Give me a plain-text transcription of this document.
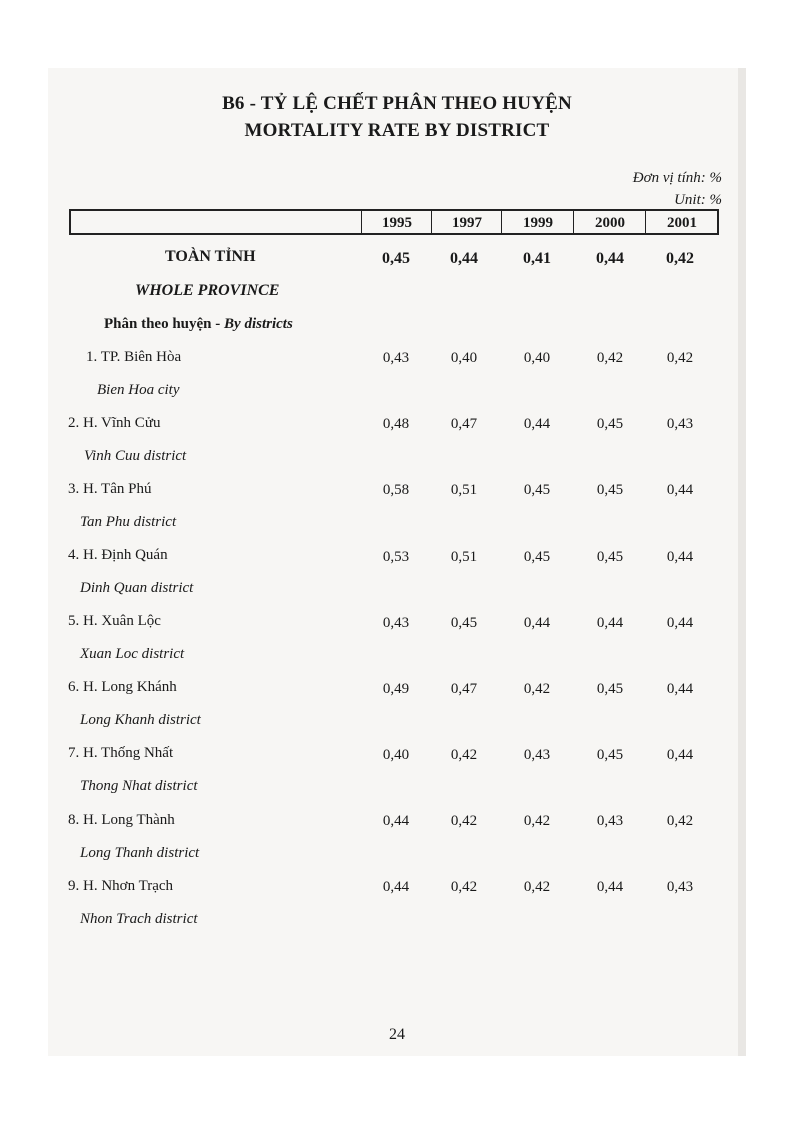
B6 - TỶ LỆ CHẾT PHÂN THEO HUYỆN
MORTALITY RATE BY DISTRICT
Đơn vị tính: %
Unit: %
1995	1997	1999	2000	2001
TOÀN TỈNH
WHOLE PROVINCE
0,45	0,44	0,41	0,44	0,42
Phân theo huyện - By districts
1. TP. Biên Hòa
Bien Hoa city
0,43	0,40	0,40	0,42	0,42
2. H. Vĩnh Cửu
Vinh Cuu district
0,48	0,47	0,44	0,45	0,43
3. H. Tân Phú
Tan Phu district
0,58	0,51	0,45	0,45	0,44
4. H. Định Quán
Dinh Quan district
0,53	0,51	0,45	0,45	0,44
5. H. Xuân Lộc
Xuan Loc district
0,43	0,45	0,44	0,44	0,44
6. H. Long Khánh
Long Khanh district
0,49	0,47	0,42	0,45	0,44
7. H. Thống Nhất
Thong Nhat district
0,40	0,42	0,43	0,45	0,44
8. H. Long Thành
Long Thanh district
0,44	0,42	0,42	0,43	0,42
9. H. Nhơn Trạch
Nhon Trach district
0,44	0,42	0,42	0,44	0,43
24
